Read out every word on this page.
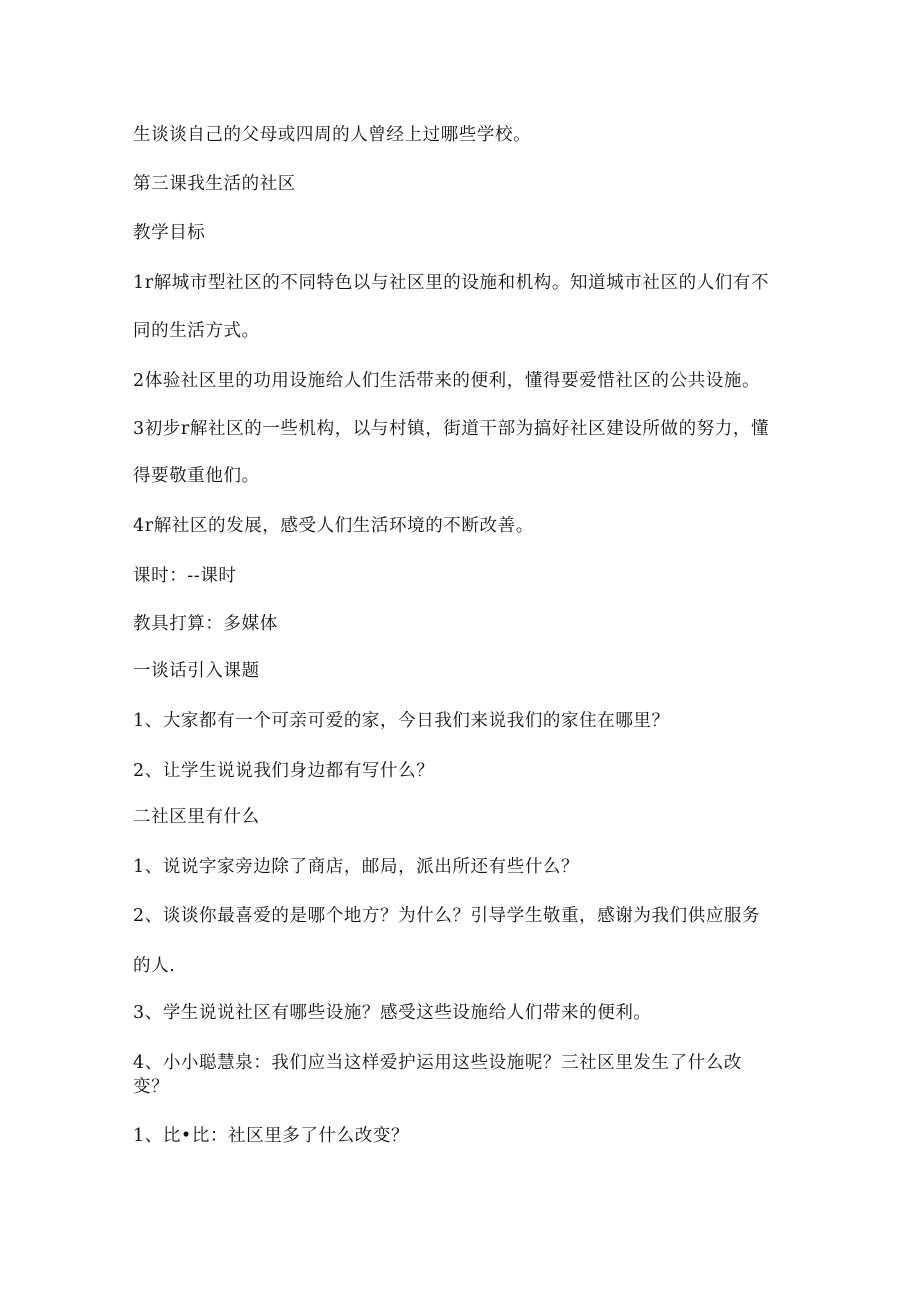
生谈谈自己的父母或四周的人曾经上过哪些学校。
第三课我生活的社区
教学目标
1r解城市型社区的不同特色以与社区里的设施和机构。知道城市社区的人们有不
同的生活方式。
2体验社区里的功用设施给人们生活带来的便利，懂得要爱惜社区的公共设施。
3初步r解社区的一些机构，以与村镇，街道干部为搞好社区建设所做的努力，懂
得要敬重他们。
4r解社区的发展，感受人们生活环境的不断改善。
课时：--课时
教具打算：多媒体
一谈话引入课题
1、大家都有一个可亲可爱的家，今日我们来说我们的家住在哪里？
2、让学生说说我们身边都有写什么？
二社区里有什么
1、说说字家旁边除了商店，邮局，派出所还有些什么？
2、谈谈你最喜爱的是哪个地方？为什么？引导学生敬重，感谢为我们供应服务
的人.
3、学生说说社区有哪些设施？感受这些设施给人们带来的便利。
4、小小聪慧泉：我们应当这样爱护运用这些设施呢？三社区里发生了什么改
变？
1、比•比：社区里多了什么改变？
